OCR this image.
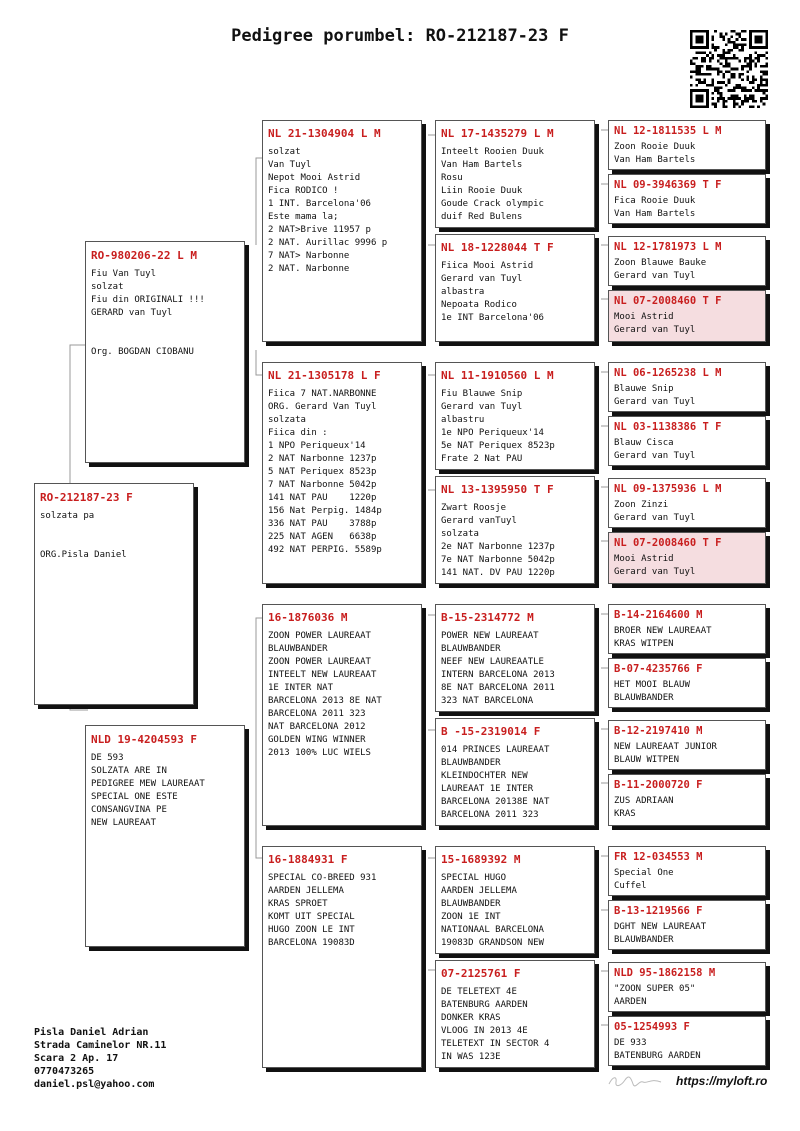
Pedigree porumbel: RO-212187-23 F
RO-212187-23 F
solzata pa
ORG.Pisla Daniel
RO-980206-22 L M
Fiu Van Tuyl
solzat
Fiu din ORIGINALI !!!
GERARD van Tuyl
Org. BOGDAN CIOBANU
NLD 19-4204593 F
DE 593
SOLZATA ARE IN
PEDIGREE MEW LAUREAAT
SPECIAL ONE ESTE
CONSANGVINA PE
NEW LAUREAAT
NL 21-1304904 L M
solzat
Van Tuyl
Nepot Mooi Astrid
Fica RODICO !
1 INT. Barcelona'06
Este mama la;
2 NAT>Brive 11957 p
2 NAT. Aurillac 9996 p
7 NAT> Narbonne
2 NAT. Narbonne
NL 21-1305178 L F
Fiica 7 NAT.NARBONNE
ORG. Gerard Van Tuyl
solzata
Fiica din :
1 NPO Periqueux'14
2 NAT Narbonne 1237p
5 NAT Periquex 8523p
7 NAT Narbonne 5042p
141 NAT PAU    1220p
156 Nat Perpig. 1484p
336 NAT PAU    3788p
225 NAT AGEN   6638p
492 NAT PERPIG. 5589p
16-1876036 M
ZOON POWER LAUREAAT
BLAUWBANDER
ZOON POWER LAUREAAT
INTEELT NEW LAUREAAT
1E INTER NAT
BARCELONA 2013 8E NAT
BARCELONA 2011 323
NAT BARCELONA 2012
GOLDEN WING WINNER
2013 100% LUC WIELS
16-1884931 F
SPECIAL CO-BREED 931
AARDEN JELLEMA
KRAS SPROET
KOMT UIT SPECIAL
HUGO ZOON LE INT
BARCELONA 19083D
NL 17-1435279 L M
Inteelt Rooien Duuk
Van Ham Bartels
Rosu
Liin Rooie Duuk
Goude Crack olympic
duif Red Bulens
NL 18-1228044 T F
Fiica Mooi Astrid
Gerard van Tuyl
albastra
Nepoata Rodico
1e INT Barcelona'06
NL 11-1910560 L M
Fiu Blauwe Snip
Gerard van Tuyl
albastru
1e NPO Periqueux'14
5e NAT Periquex 8523p
Frate 2 Nat PAU
NL 13-1395950 T F
Zwart Roosje
Gerard vanTuyl
solzata
2e NAT Narbonne 1237p
7e NAT Narbonne 5042p
141 NAT. DV PAU 1220p
B-15-2314772 M
POWER NEW LAUREAAT
BLAUWBANDER
NEEF NEW LAUREAATLE
INTERN BARCELONA 2013
8E NAT BARCELONA 2011
323 NAT BARCELONA
B -15-2319014 F
014 PRINCES LAUREAAT
BLAUWBANDER
KLEINDOCHTER NEW
LAUREAAT 1E INTER
BARCELONA 20138E NAT
BARCELONA 2011 323
15-1689392 M
SPECIAL HUGO
AARDEN JELLEMA
BLAUWBANDER
ZOON 1E INT
NATIONAAL BARCELONA
19083D GRANDSON NEW
07-2125761 F
DE TELETEXT 4E
BATENBURG AARDEN
DONKER KRAS
VLOOG IN 2013 4E
TELETEXT IN SECTOR 4
IN WAS 123E
NL 12-1811535 L M
Zoon Rooie Duuk
Van Ham Bartels
NL 09-3946369 T F
Fica Rooie Duuk
Van Ham Bartels
NL 12-1781973 L M
Zoon Blauwe Bauke
Gerard van Tuyl
NL 07-2008460 T F
Mooi Astrid
Gerard van Tuyl
NL 06-1265238 L M
Blauwe Snip
Gerard van Tuyl
NL 03-1138386 T F
Blauw Cisca
Gerard van Tuyl
NL 09-1375936 L M
Zoon Zinzi
Gerard van Tuyl
NL 07-2008460 T F
Mooi Astrid
Gerard van Tuyl
B-14-2164600 M
BROER NEW LAUREAAT
KRAS WITPEN
B-07-4235766 F
HET MOOI BLAUW
BLAUWBANDER
B-12-2197410 M
NEW LAUREAAT JUNIOR
BLAUW WITPEN
B-11-2000720 F
ZUS ADRIAAN
KRAS
FR 12-034553 M
Special One
Cuffel
B-13-1219566 F
DGHT NEW LAUREAAT
BLAUWBANDER
NLD 95-1862158 M
"ZOON SUPER 05"
AARDEN
05-1254993 F
DE 933
BATENBURG AARDEN
Pisla Daniel Adrian
Strada Caminelor NR.11
Scara 2 Ap. 17
0770473265
daniel.psl@yahoo.com	https://myloft.ro
